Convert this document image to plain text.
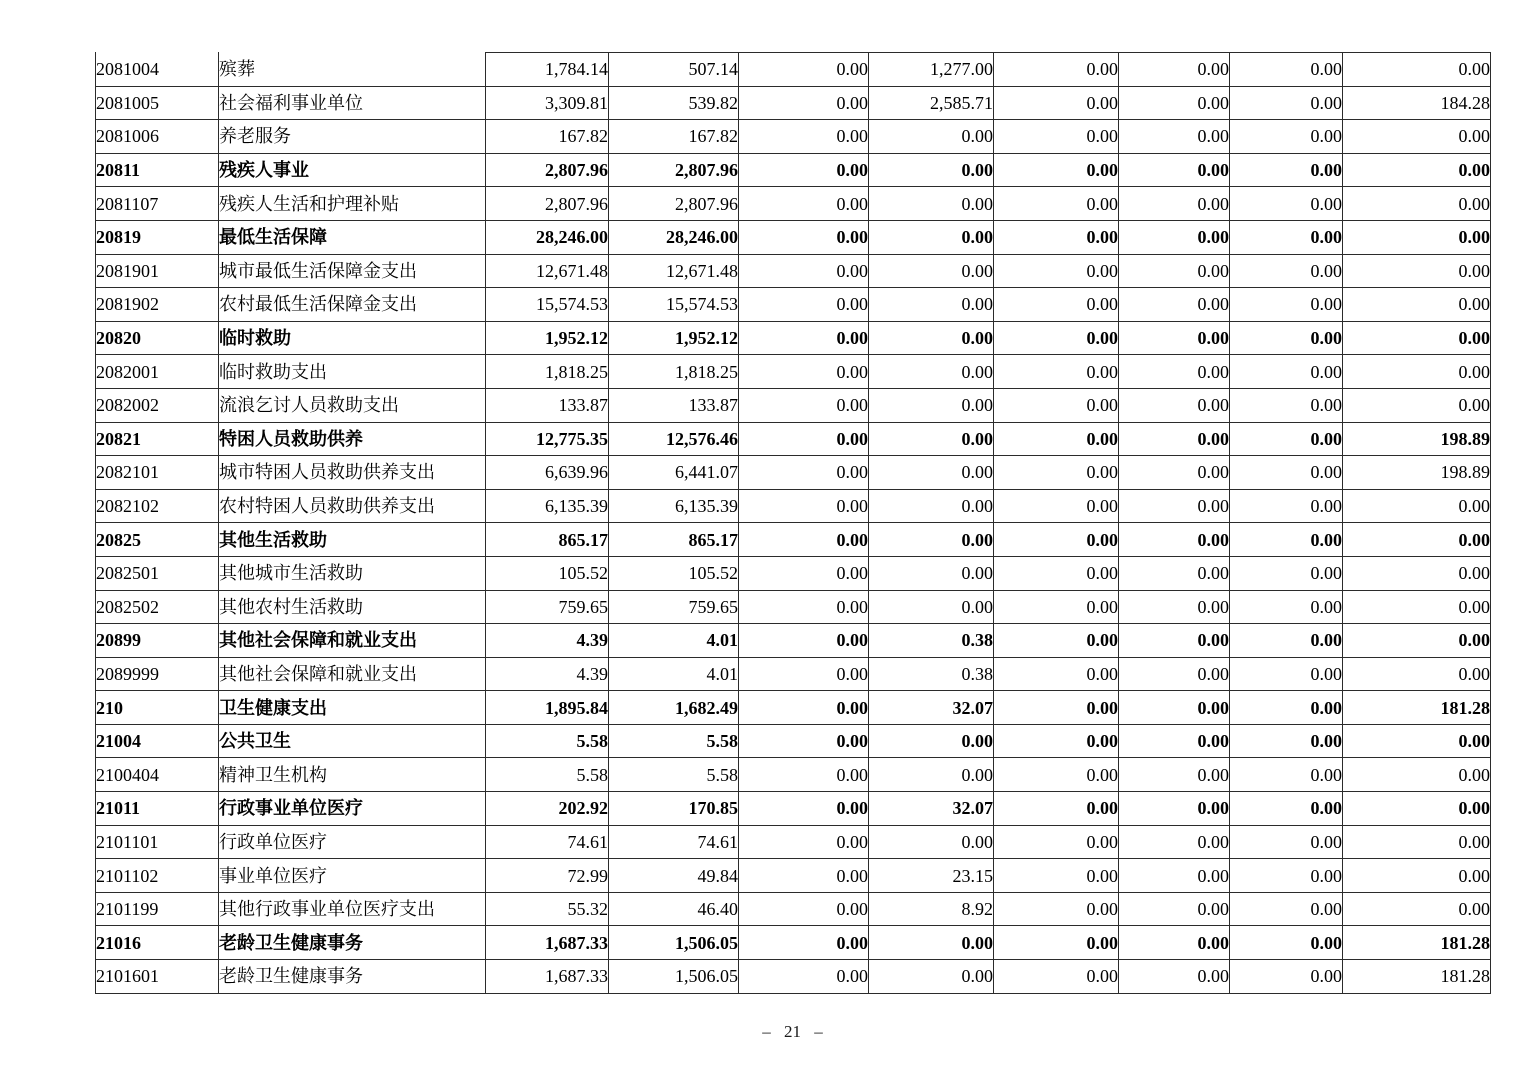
2081004	殡葬	1,784.14	507.14	0.00	1,277.00	0.00	0.00	0.00	0.00
2081005	社会福利事业单位	3,309.81	539.82	0.00	2,585.71	0.00	0.00	0.00	184.28
2081006	养老服务	167.82	167.82	0.00	0.00	0.00	0.00	0.00	0.00
20811	残疾人事业	2,807.96	2,807.96	0.00	0.00	0.00	0.00	0.00	0.00
2081107	残疾人生活和护理补贴	2,807.96	2,807.96	0.00	0.00	0.00	0.00	0.00	0.00
20819	最低生活保障	28,246.00	28,246.00	0.00	0.00	0.00	0.00	0.00	0.00
2081901	城市最低生活保障金支出	12,671.48	12,671.48	0.00	0.00	0.00	0.00	0.00	0.00
2081902	农村最低生活保障金支出	15,574.53	15,574.53	0.00	0.00	0.00	0.00	0.00	0.00
20820	临时救助	1,952.12	1,952.12	0.00	0.00	0.00	0.00	0.00	0.00
2082001	临时救助支出	1,818.25	1,818.25	0.00	0.00	0.00	0.00	0.00	0.00
2082002	流浪乞讨人员救助支出	133.87	133.87	0.00	0.00	0.00	0.00	0.00	0.00
20821	特困人员救助供养	12,775.35	12,576.46	0.00	0.00	0.00	0.00	0.00	198.89
2082101	城市特困人员救助供养支出	6,639.96	6,441.07	0.00	0.00	0.00	0.00	0.00	198.89
2082102	农村特困人员救助供养支出	6,135.39	6,135.39	0.00	0.00	0.00	0.00	0.00	0.00
20825	其他生活救助	865.17	865.17	0.00	0.00	0.00	0.00	0.00	0.00
2082501	其他城市生活救助	105.52	105.52	0.00	0.00	0.00	0.00	0.00	0.00
2082502	其他农村生活救助	759.65	759.65	0.00	0.00	0.00	0.00	0.00	0.00
20899	其他社会保障和就业支出	4.39	4.01	0.00	0.38	0.00	0.00	0.00	0.00
2089999	其他社会保障和就业支出	4.39	4.01	0.00	0.38	0.00	0.00	0.00	0.00
210	卫生健康支出	1,895.84	1,682.49	0.00	32.07	0.00	0.00	0.00	181.28
21004	公共卫生	5.58	5.58	0.00	0.00	0.00	0.00	0.00	0.00
2100404	精神卫生机构	5.58	5.58	0.00	0.00	0.00	0.00	0.00	0.00
21011	行政事业单位医疗	202.92	170.85	0.00	32.07	0.00	0.00	0.00	0.00
2101101	行政单位医疗	74.61	74.61	0.00	0.00	0.00	0.00	0.00	0.00
2101102	事业单位医疗	72.99	49.84	0.00	23.15	0.00	0.00	0.00	0.00
2101199	其他行政事业单位医疗支出	55.32	46.40	0.00	8.92	0.00	0.00	0.00	0.00
21016	老龄卫生健康事务	1,687.33	1,506.05	0.00	0.00	0.00	0.00	0.00	181.28
2101601	老龄卫生健康事务	1,687.33	1,506.05	0.00	0.00	0.00	0.00	0.00	181.28
– 21 –
